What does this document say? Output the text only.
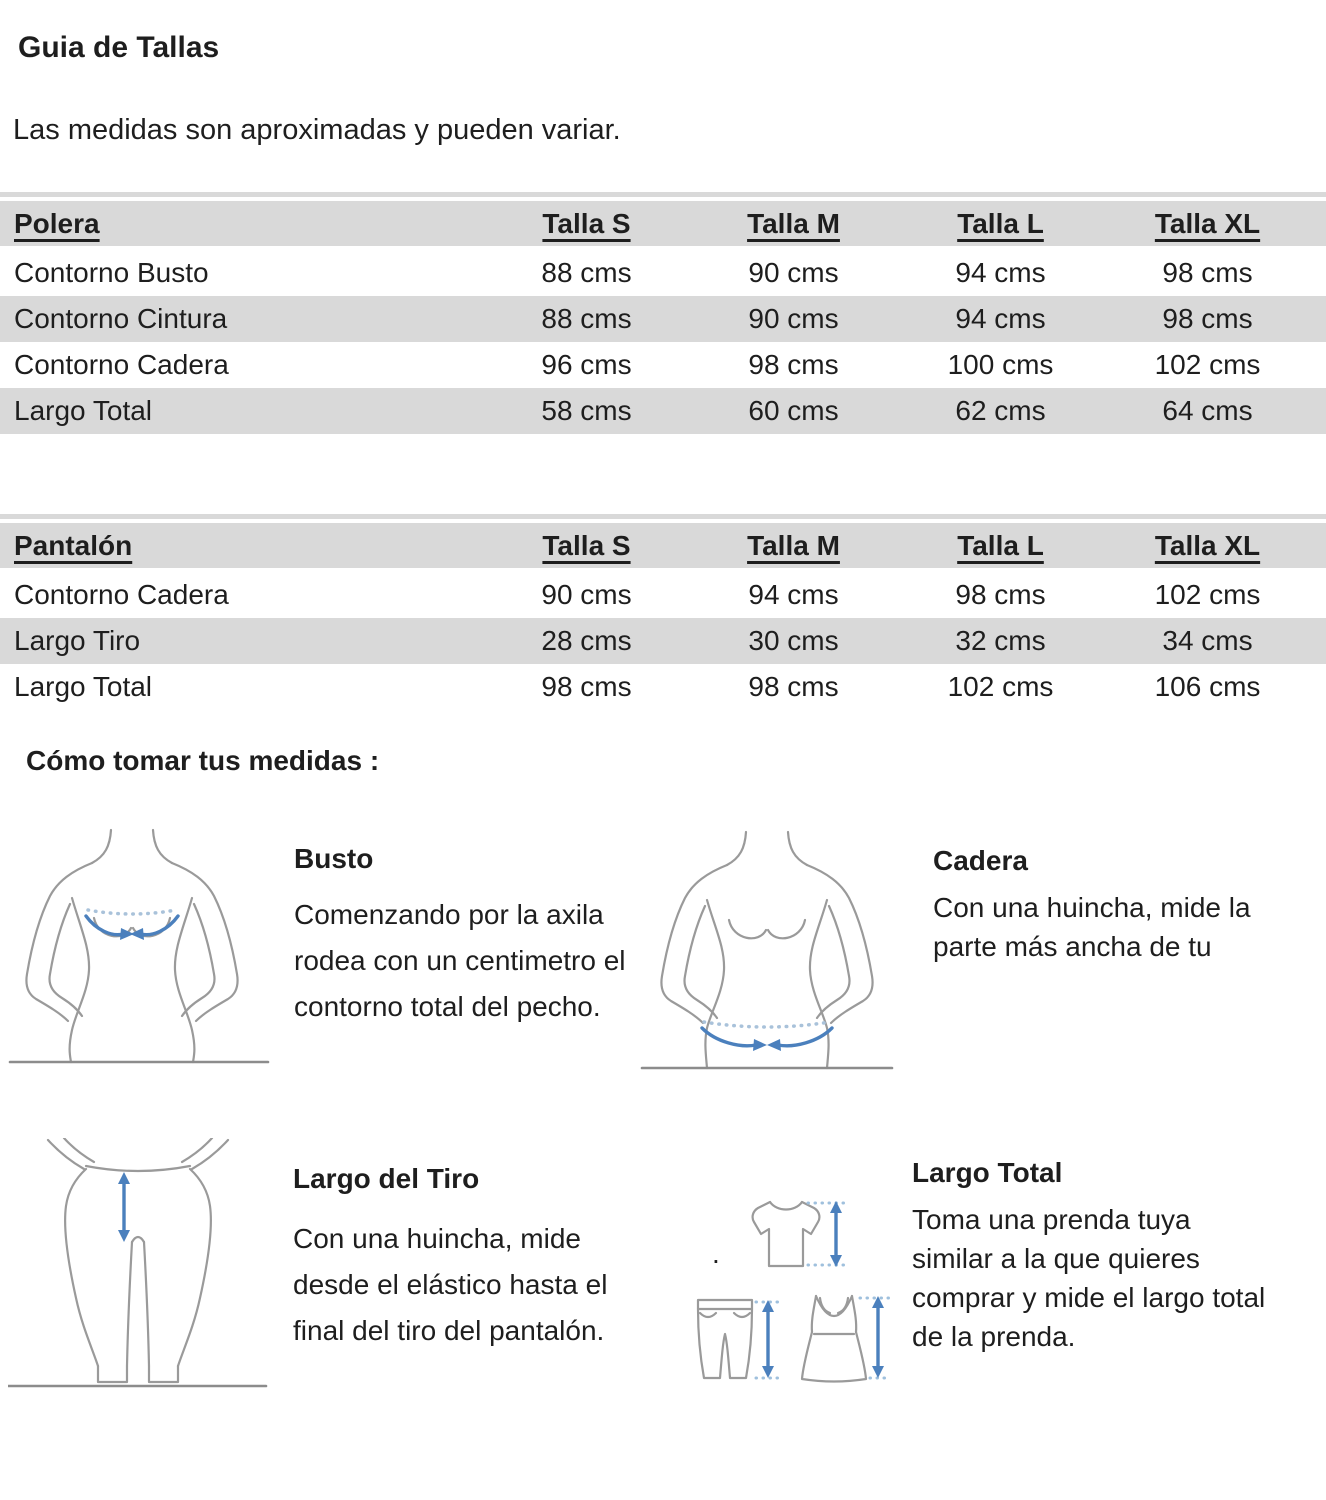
Guia de Tallas
Las medidas son aproximadas y pueden variar.
Polera	Talla S	Talla M	Talla L	Talla XL
Contorno Busto	88 cms	90 cms	94 cms	98 cms
Contorno Cintura	88 cms	90 cms	94 cms	98 cms
Contorno Cadera	96 cms	98 cms	100 cms	102 cms
Largo Total	58 cms	60 cms	62 cms	64 cms
Pantalón	Talla S	Talla M	Talla L	Talla XL
Contorno Cadera	90 cms	94 cms	98 cms	102 cms
Largo Tiro	28 cms	30 cms	32 cms	34 cms
Largo Total	98 cms	98 cms	102 cms	106 cms
Cómo tomar tus medidas :
Busto
Comenzando por la axila
rodea con un centimetro el
contorno total del pecho.
Cadera
Con una huincha, mide la
parte más ancha de tu
Largo del Tiro
Con una huincha, mide
desde el elástico hasta el
final del tiro del pantalón.
.
Largo Total
Toma una prenda tuya
similar a la que quieres
comprar y mide el largo total
de la prenda.
